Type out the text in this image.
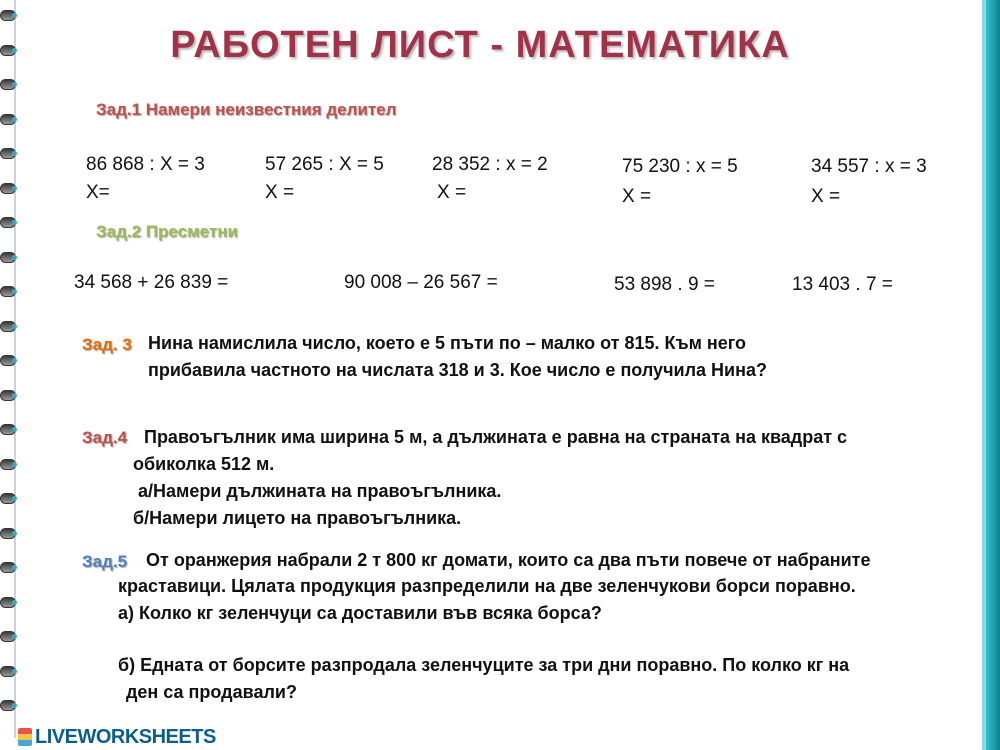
РАБОТЕН ЛИСТ - МАТЕМАТИКА
Зад.1 Намери неизвестния делител
86 868 : X = 3
X=
57 265 : X = 5
X =
28 352 : x = 2
X =
75 230 : x = 5
X =
34 557 : x = 3
X =
Зад.2 Пресметни
34 568 + 26 839 =	90 008 – 26 567 =	53 898 . 9 =	13 403 . 7 =
Зад. 3 Нина намислила число, което е 5 пъти по – малко от 815. Към него
прибавила частното на числата 318 и 3. Кое число е получила Нина?
Зад.4 Правоъгълник има ширина 5 м, а дължината е равна на страната на квадрат с
обиколка 512 м.
а/Намери дължината на правоъгълника.
б/Намери лицето на правоъгълника.
Зад.5 От оранжерия набрали 2 т 800 кг домати, които са два пъти повече от набраните
краставици. Цялата продукция разпределили на две зеленчукови борси поравно.
а) Колко кг зеленчуци са доставили във всяка борса?
б) Едната от борсите разпродала зеленчуците за три дни поравно. По колко кг на
ден са продавали?
LIVEWORKSHEETS
